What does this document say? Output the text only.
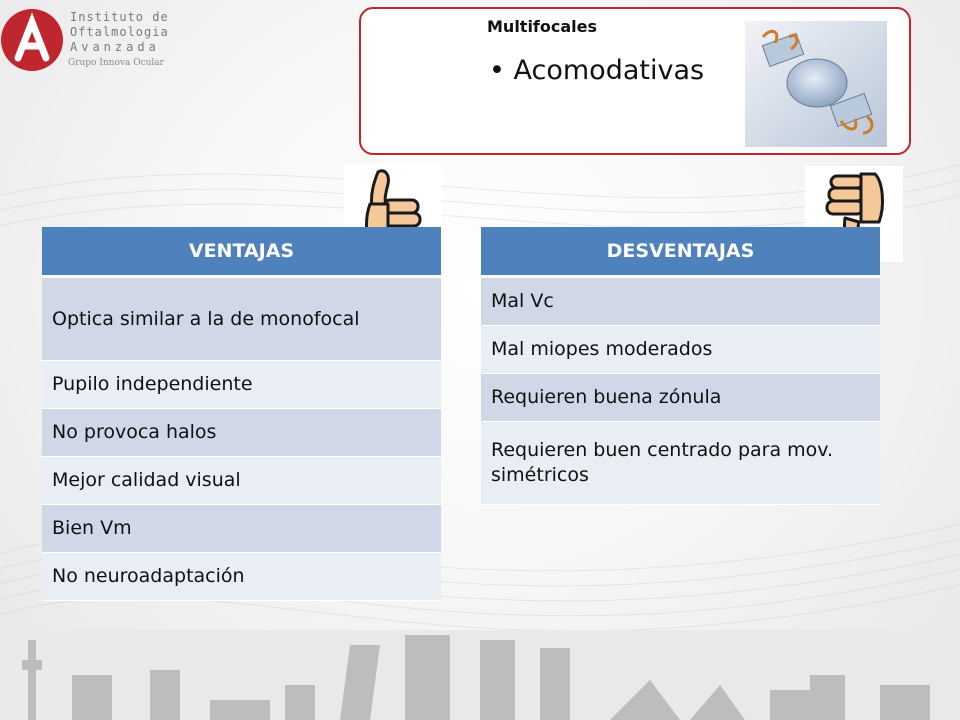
Instituto de
Oftalmologia
Avanzada
Grupo Innova Ocular
Multifocales
• Acomodativas
VENTAJAS
Optica similar a la de monofocal
Pupilo independiente
No provoca halos
Mejor calidad visual
Bien Vm
No neuroadaptación
DESVENTAJAS
Mal Vc
Mal miopes moderados
Requieren buena zónula
Requieren buen centrado para mov. simétricos
